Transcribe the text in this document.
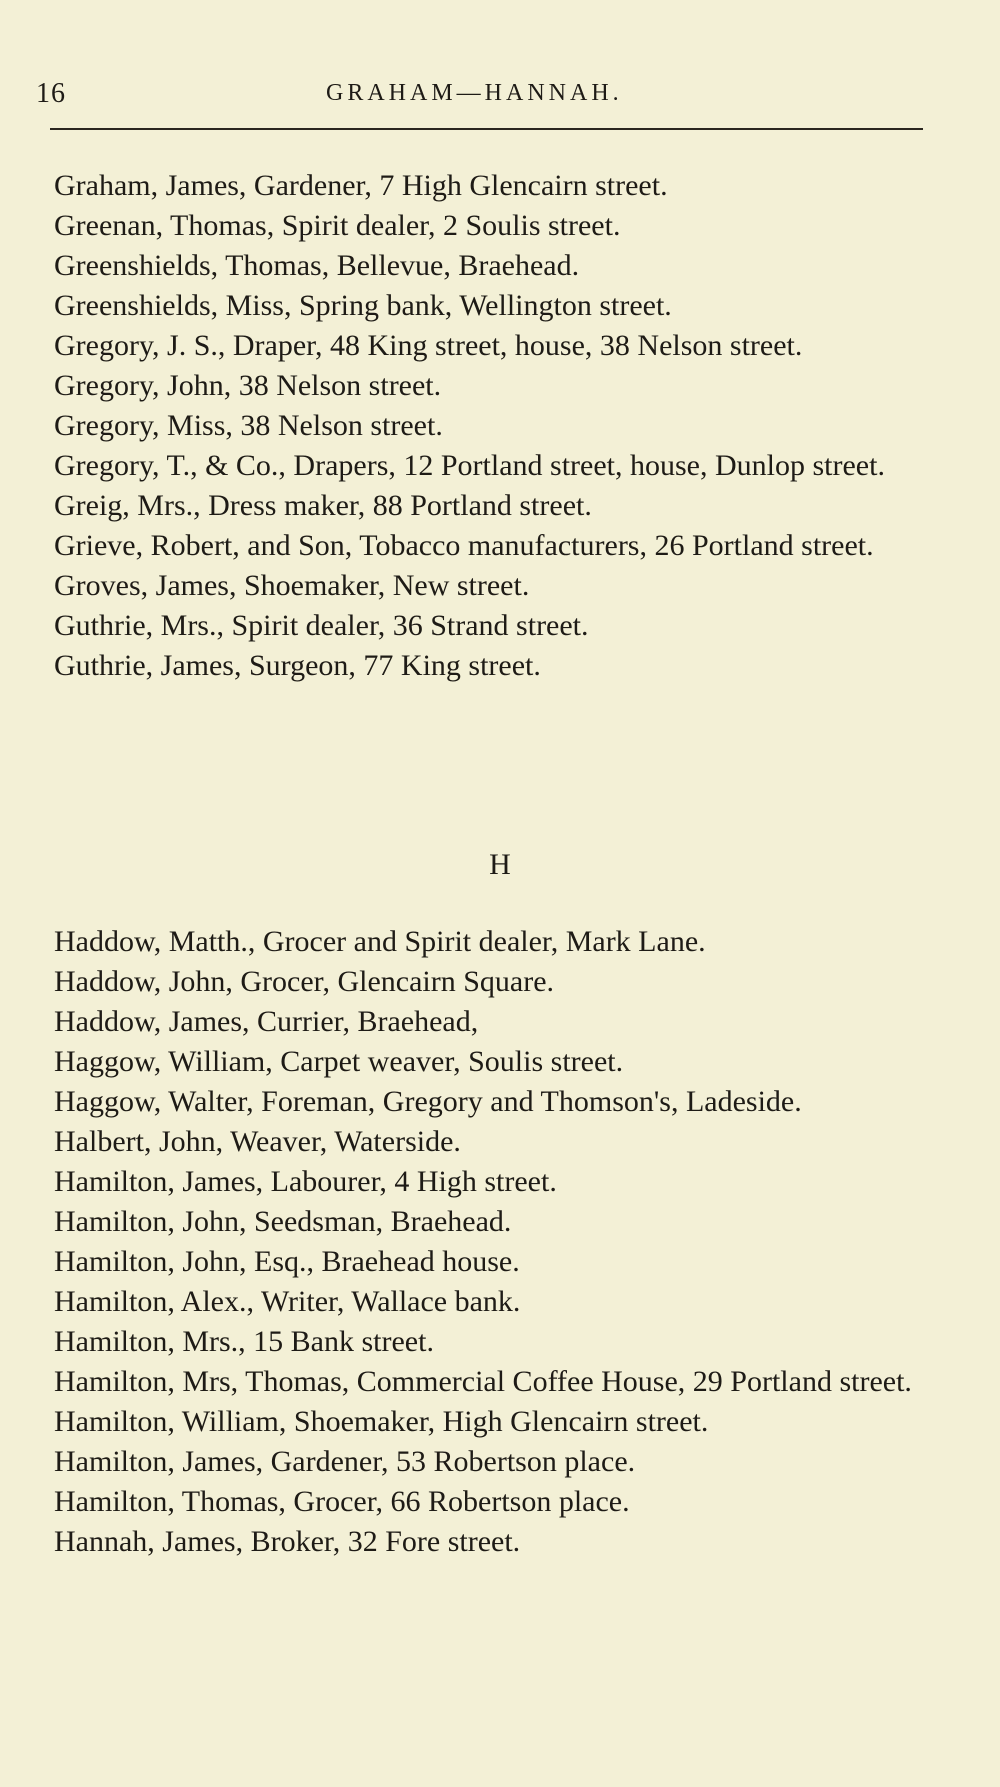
16	GRAHAM—HANNAH.
Graham, James, Gardener, 7 High Glencairn street.
Greenan, Thomas, Spirit dealer, 2 Soulis street.
Greenshields, Thomas, Bellevue, Braehead.
Greenshields, Miss, Spring bank, Wellington street.
Gregory, J. S., Draper, 48 King street, house, 38 Nelson street.
Gregory, John, 38 Nelson street.
Gregory, Miss, 38 Nelson street.
Gregory, T., & Co., Drapers, 12 Portland street, house, Dunlop street.
Greig, Mrs., Dress maker, 88 Portland street.
Grieve, Robert, and Son, Tobacco manufacturers, 26 Portland street.
Groves, James, Shoemaker, New street.
Guthrie, Mrs., Spirit dealer, 36 Strand street.
Guthrie, James, Surgeon, 77 King street.
H
Haddow, Matth., Grocer and Spirit dealer, Mark Lane.
Haddow, John, Grocer, Glencairn Square.
Haddow, James, Currier, Braehead,
Haggow, William, Carpet weaver, Soulis street.
Haggow, Walter, Foreman, Gregory and Thomson's, Ladeside.
Halbert, John, Weaver, Waterside.
Hamilton, James, Labourer, 4 High street.
Hamilton, John, Seedsman, Braehead.
Hamilton, John, Esq., Braehead house.
Hamilton, Alex., Writer, Wallace bank.
Hamilton, Mrs., 15 Bank street.
Hamilton, Mrs, Thomas, Commercial Coffee House, 29 Portland street.
Hamilton, William, Shoemaker, High Glencairn street.
Hamilton, James, Gardener, 53 Robertson place.
Hamilton, Thomas, Grocer, 66 Robertson place.
Hannah, James, Broker, 32 Fore street.
